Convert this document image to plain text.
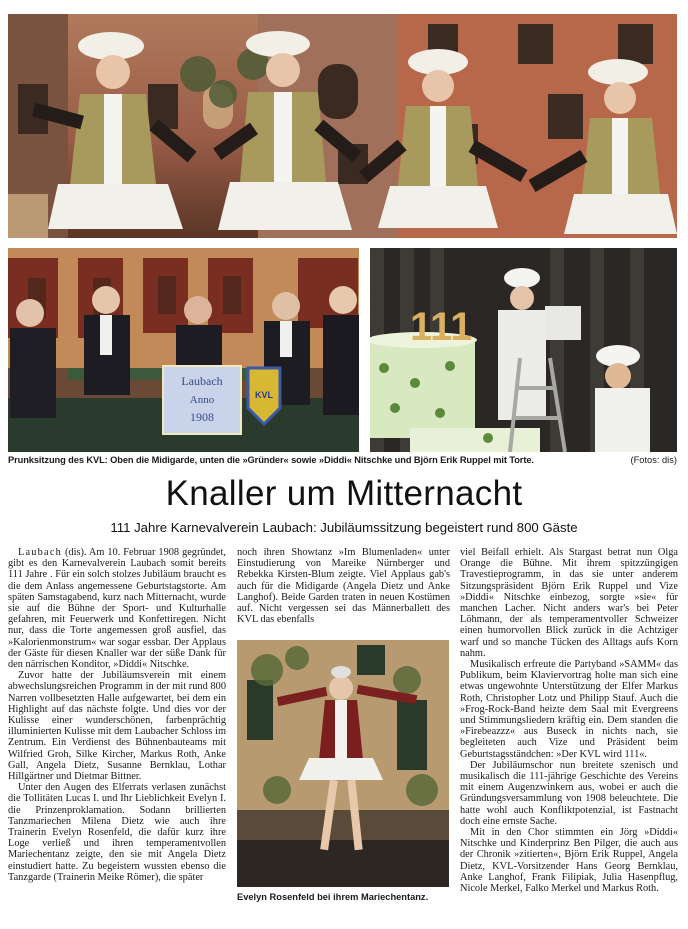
Laubach
Anno
1908
KVL
111
Prunksitzung des KVL: Oben die Midigarde, unten die »Gründer« sowie »Diddi« Nitschke und Björn Erik Ruppel mit Torte.	(Fotos: dis)
Knaller um Mitternacht
111 Jahre Karnevalverein Laubach: Jubiläumssitzung begeistert rund 800 Gäste

Laubach (dis). Am 10. Februar 1908 gegründet, gibt es den Karnevalverein Laubach somit bereits 111 Jahre . Für ein solch stolzes Jubiläum braucht es die dem Anlass angemessene Geburtstagstorte. Am späten Samstagabend, kurz nach Mitternacht, wurde sie auf die Bühne der Sport- und Kulturhalle gefahren, mit Feuerwerk und Konfettiregen. Nicht nur, dass die Torte angemessen groß ausfiel, das »Kalorienmonstrum« war sogar essbar. Der Applaus der Gäste für diesen Knaller war der süße Dank für den närrischen Konditor, »Diddi« Nitschke.

Zuvor hatte der Jubiläumsverein mit einem abwechslungsreichen Programm in der mit rund 800 Narren vollbesetzten Halle aufgewartet, bei dem ein Highlight auf das nächste folgte. Und dies vor der Kulisse einer wunderschönen, farbenprächtig illuminierten Kulisse mit dem Laubacher Schloss im Zentrum. Ein Verdienst des Bühnenbauteams mit Wilfried Groh, Silke Kircher, Markus Roth, Anke Gall, Angela Dietz, Susanne Bernklau, Lothar Hillgärtner und Dietmar Bittner.

Unter den Augen des Elferrats verlasen zunächst die Tollitäten Lucas I. und Ihr Lieblichkeit Evelyn I. die Prinzenproklamation. Sodann brillierten Tanzmariechen Milena Dietz wie auch ihre Trainerin Evelyn Rosenfeld, die dafür kurz ihre Loge verließ und ihren temperamentvollen Mariechentanz zeigte, den sie mit Angela Dietz einstudiert hatte. Zu begeistern wussten ebenso die Tanzgarde (Trainerin Meike Römer), die später

noch ihren Showtanz »Im Blumenladen« unter Einstudierung von Mareike Nürnberger und Rebekka Kirsten-Blum zeigte. Viel Applaus gab's auch für die Midigarde (Angela Dietz und Anke Langhof). Beide Garden traten in neuen Kostümen auf. Nicht vergessen sei das Männerballett des KVL das ebenfalls

Evelyn Rosenfeld bei ihrem Mariechentanz.

viel Beifall erhielt. Als Stargast betrat nun Olga Orange die Bühne. Mit ihrem spitzzüngigen Travestieprogramm, in das sie unter anderem Sitzungspräsident Björn Erik Ruppel und Vize »Diddi« Nitschke einbezog, sorgte »sie« für manchen Lacher. Nicht anders war's bei Peter Löhmann, der als temperamentvoller Schweizer einen humorvollen Blick zurück in die Achtziger warf und so manche Tücken des Alltags aufs Korn nahm.

Musikalisch erfreute die Partyband »SAMM« das Publikum, beim Klaviervortrag holte man sich eine etwas ungewohnte Unterstützung der Elfer Markus Roth, Christopher Lotz und Philipp Stauf. Auch die »Frog-Rock-Band heizte dem Saal mit Evergreens und Stimmungsliedern kräftig ein. Dem standen die »Firebeazzz« aus Buseck in nichts nach, sie begleiteten auch Vize und Präsident beim Geburtstagsständchen: »Der KVL wird 111«.

Der Jubiläumschor nun breitete szenisch und musikalisch die 111-jährige Geschichte des Vereins mit einem Augenzwinkern aus, wobei er auch die Gründungsversammlung von 1908 beleuchtete. Die hatte wohl auch Konfliktpotenzial, ist Fastnacht doch eine ernste Sache.

Mit in den Chor stimmten ein Jörg »Diddi« Nitschke und Kinderprinz Ben Pilger, die auch aus der Chronik »zitierten«, Björn Erik Ruppel, Angela Dietz, KVL-Vorsitzender Hans Georg Bernklau, Anke Langhof, Frank Filipiak, Julia Hasenpflug, Nicole Merkel, Falko Merkel und Markus Roth.
